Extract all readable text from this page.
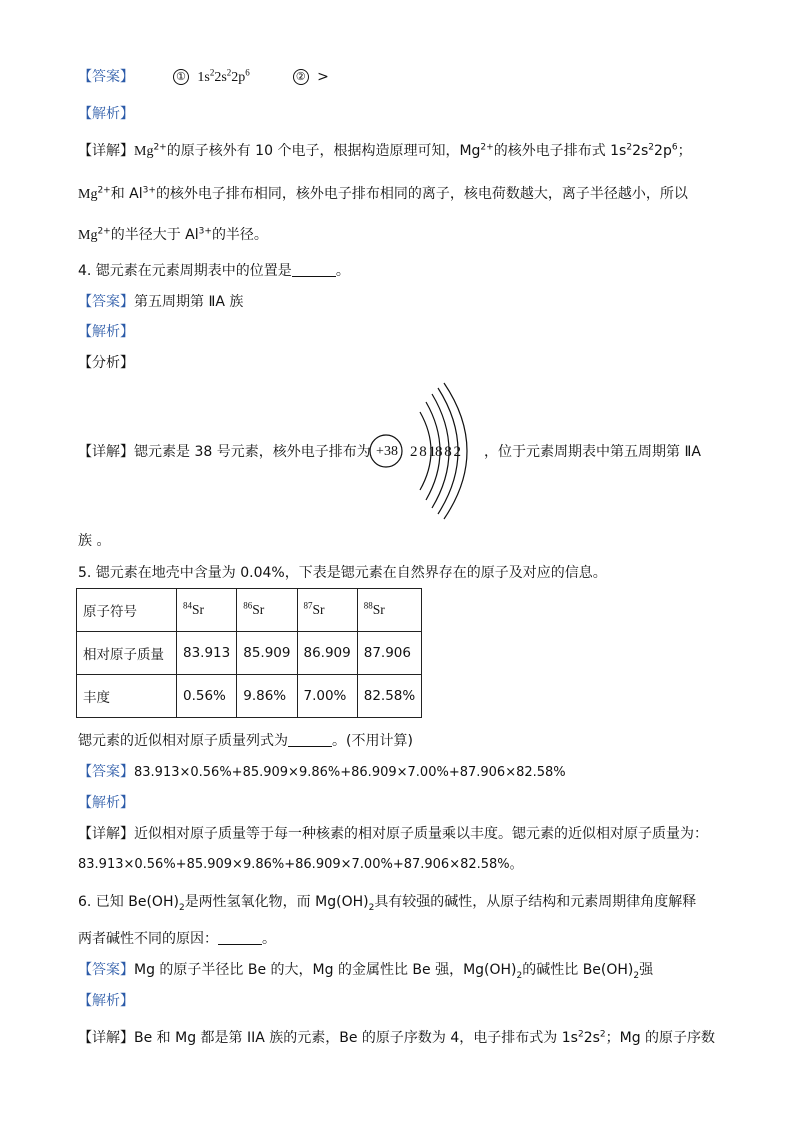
【答案】	① $1s^22s^22p^6$	② >
【解析】
【详解】$Mg^{2+}$的原子核外有 10 个电子，根据构造原理可知，$Mg^{2+}$的核外电子排布式 $1s^22s^22p^6$；
$Mg^{2+}$和 $Al^{3+}$的核外电子排布相同，核外电子排布相同的离子，核电荷数越大，离子半径越小，所以
$Mg^{2+}$的半径大于 $Al^{3+}$的半径。
4. 锶元素在元素周期表中的位置是	。
【答案】第五周期第 ⅡA 族
【解析】
【分析】
【详解】锶元素是 38 号元素，核外电子排布为 +38 2 8 18 8 2 ，位于元素周期表中第五周期第 ⅡA
族 。
5. 锶元素在地壳中含量为 0.04%，下表是锶元素在自然界存在的原子及对应的信息。
原子符号	$^{84}$Sr	$^{86}$Sr	$^{87}$Sr	$^{88}$Sr
相对原子质量	83.913	85.909	86.909	87.906
丰度	0.56%	9.86%	7.00%	82.58%
锶元素的近似相对原子质量列式为	。(不用计算)
【答案】83.913×0.56%+85.909×9.86%+86.909×7.00%+87.906×82.58%
【解析】
【详解】近似相对原子质量等于每一种核素的相对原子质量乘以丰度。锶元素的近似相对原子质量为：
83.913×0.56%+85.909×9.86%+86.909×7.00%+87.906×82.58%。
6. 已知 $Be(OH)_2$是两性氢氧化物，而 $Mg(OH)_2$具有较强的碱性，从原子结构和元素周期律角度解释
两者碱性不同的原因：	。
【答案】Mg 的原子半径比 Be 的大，Mg 的金属性比 Be 强，$Mg(OH)_2$的碱性比 $Be(OH)_2$强
【解析】
【详解】Be 和 Mg 都是第 IIA 族的元素，Be 的原子序数为 4，电子排布式为 $1s^22s^2$；Mg 的原子序数
